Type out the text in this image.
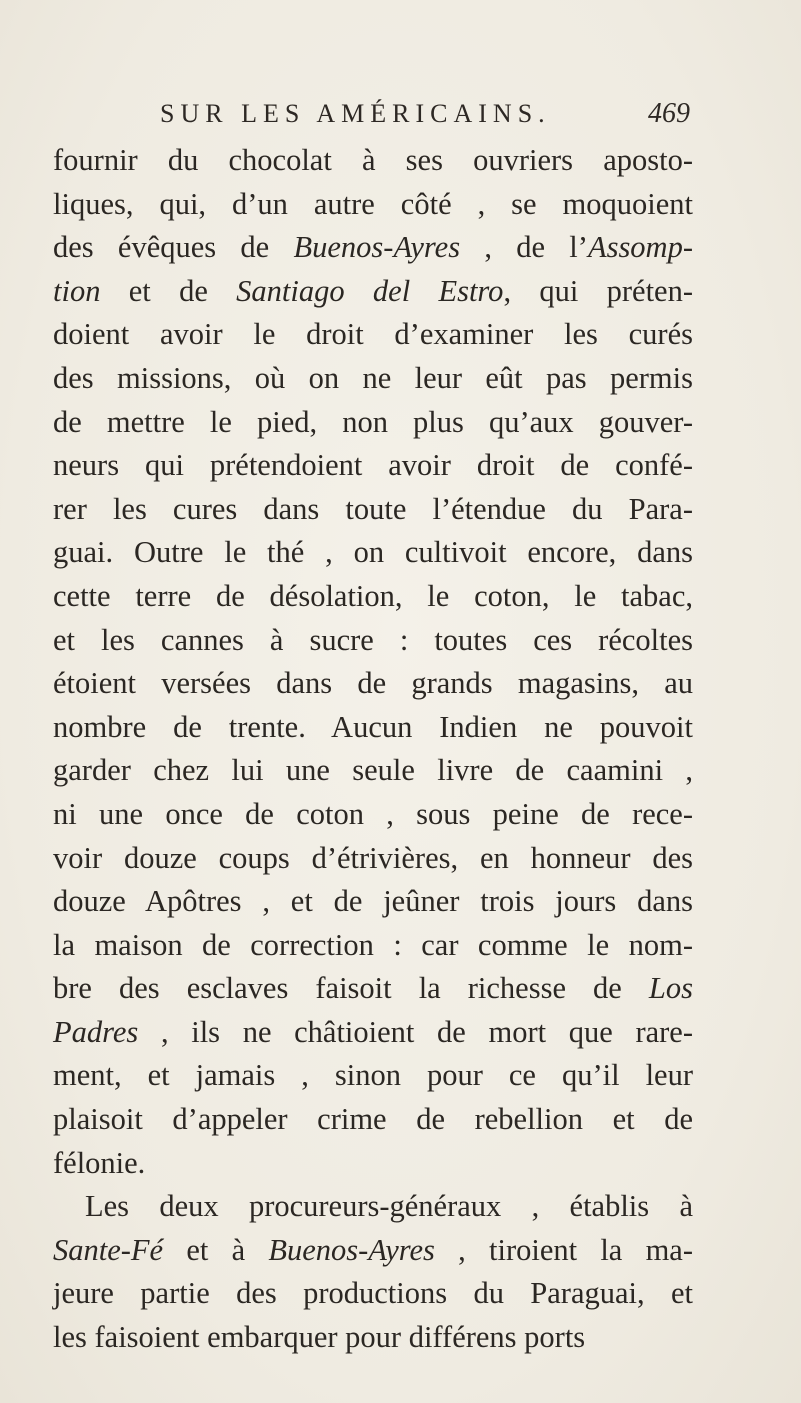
SUR LES AMÉRICAINS.	469
fournir du chocolat à ses ouvriers aposto-
liques, qui, d’un autre côté , se moquoient
des évêques de Buenos-Ayres , de l’Assomp-
tion et de Santiago del Estro, qui préten-
doient avoir le droit d’examiner les curés
des missions, où on ne leur eût pas permis
de mettre le pied, non plus qu’aux gouver-
neurs qui prétendoient avoir droit de confé-
rer les cures dans toute l’étendue du Para-
guai. Outre le thé , on cultivoit encore, dans
cette terre de désolation, le coton, le tabac,
et les cannes à sucre : toutes ces récoltes
étoient versées dans de grands magasins, au
nombre de trente. Aucun Indien ne pouvoit
garder chez lui une seule livre de caamini ,
ni une once de coton , sous peine de rece-
voir douze coups d’étrivières, en honneur des
douze Apôtres , et de jeûner trois jours dans
la maison de correction : car comme le nom-
bre des esclaves faisoit la richesse de Los
Padres , ils ne châtioient de mort que rare-
ment, et jamais , sinon pour ce qu’il leur
plaisoit d’appeler crime de rebellion et de
félonie.
Les deux procureurs-généraux , établis à
Sante-Fé et à Buenos-Ayres , tiroient la ma-
jeure partie des productions du Paraguai, et
les faisoient embarquer pour différens ports
